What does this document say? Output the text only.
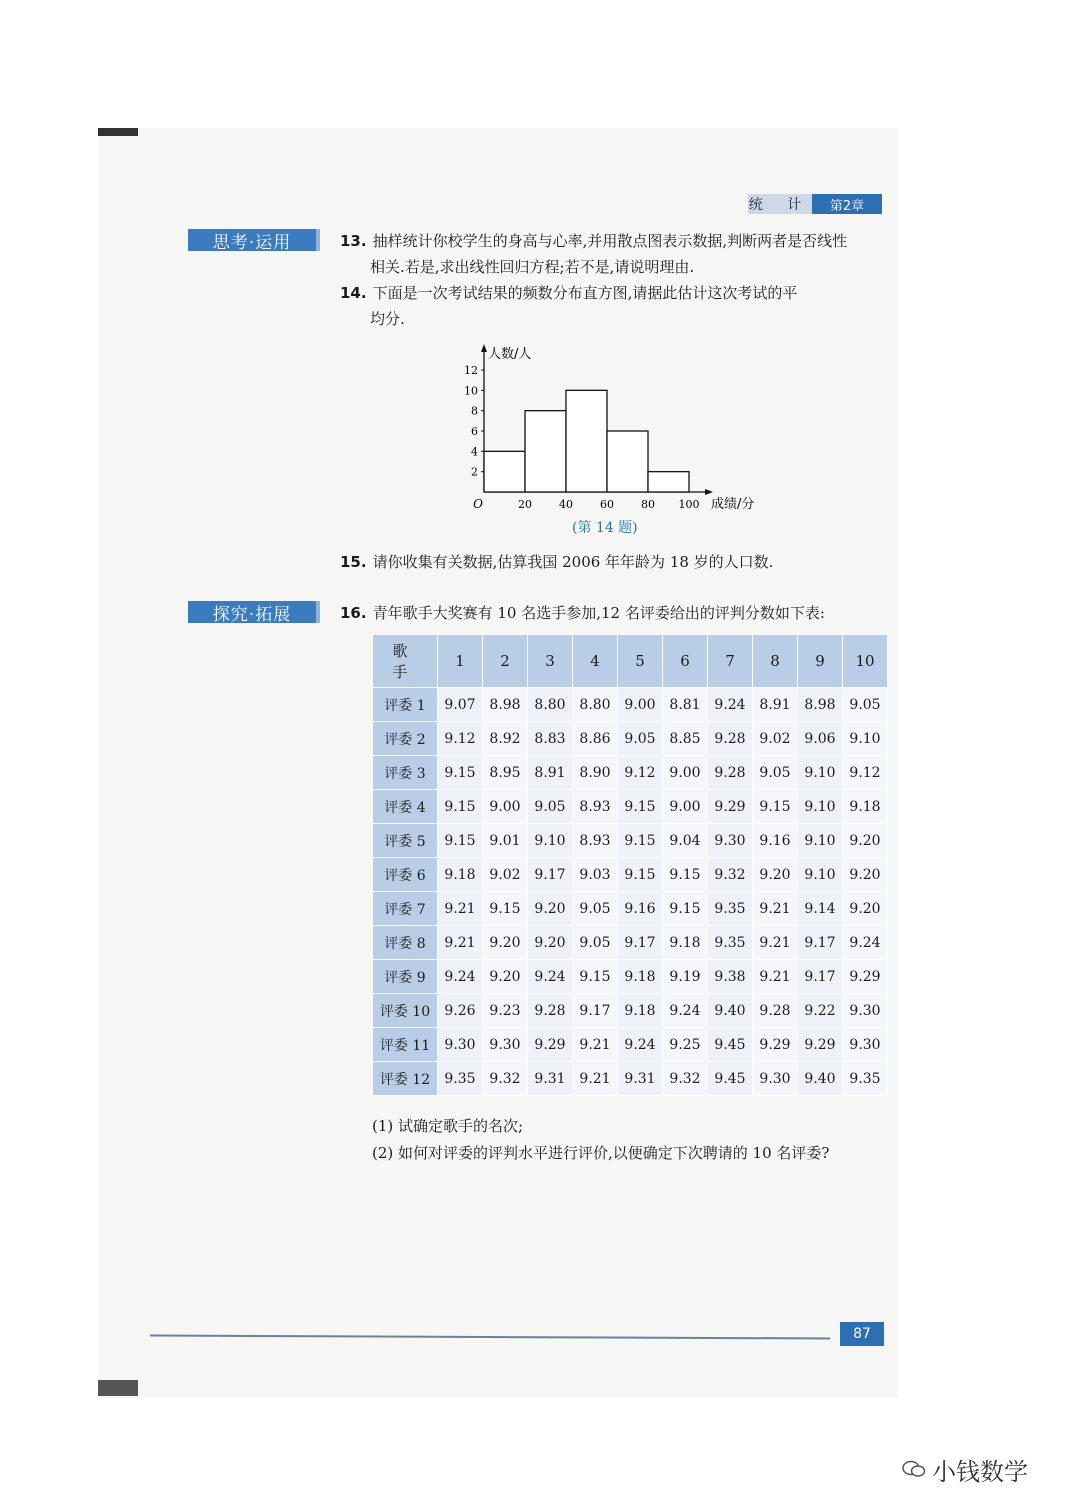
统 计	第2章
思考·运用	13. 抽样统计你校学生的身高与心率,并用散点图表示数据,判断两者是否线性
相关.若是,求出线性回归方程;若不是,请说明理由.
14. 下面是一次考试结果的频数分布直方图,请据此估计这次考试的平
均分.
2
4
6
8
10
12
20 40 60 80 100
O
人数/人
成绩/分
(第 14 题)
15. 请你收集有关数据,估算我国 2006 年年龄为 18 岁的人口数.
探究·拓展	16. 青年歌手大奖赛有 10 名选手参加,12 名评委给出的评判分数如下表:
歌 手	1	2	3	4	5	6	7	8	9	10
评委 1	9.07	8.98	8.80	8.80	9.00	8.81	9.24	8.91	8.98	9.05
评委 2	9.12	8.92	8.83	8.86	9.05	8.85	9.28	9.02	9.06	9.10
评委 3	9.15	8.95	8.91	8.90	9.12	9.00	9.28	9.05	9.10	9.12
评委 4	9.15	9.00	9.05	8.93	9.15	9.00	9.29	9.15	9.10	9.18
评委 5	9.15	9.01	9.10	8.93	9.15	9.04	9.30	9.16	9.10	9.20
评委 6	9.18	9.02	9.17	9.03	9.15	9.15	9.32	9.20	9.10	9.20
评委 7	9.21	9.15	9.20	9.05	9.16	9.15	9.35	9.21	9.14	9.20
评委 8	9.21	9.20	9.20	9.05	9.17	9.18	9.35	9.21	9.17	9.24
评委 9	9.24	9.20	9.24	9.15	9.18	9.19	9.38	9.21	9.17	9.29
评委 10	9.26	9.23	9.28	9.17	9.18	9.24	9.40	9.28	9.22	9.30
评委 11	9.30	9.30	9.29	9.21	9.24	9.25	9.45	9.29	9.29	9.30
评委 12	9.35	9.32	9.31	9.21	9.31	9.32	9.45	9.30	9.40	9.35
(1) 试确定歌手的名次;
(2) 如何对评委的评判水平进行评价,以便确定下次聘请的 10 名评委?
87
小钱数学
